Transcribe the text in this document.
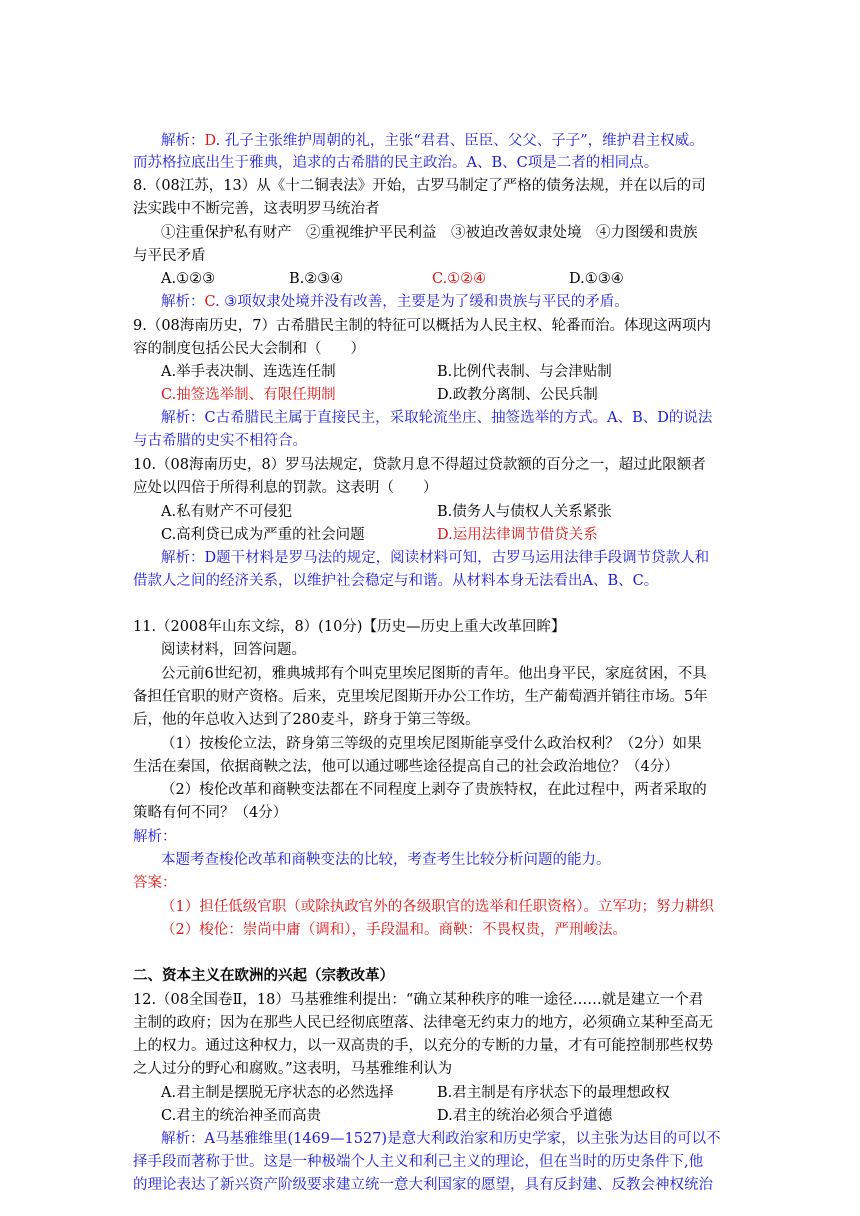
解析：D. 孔子主张维护周朝的礼，主张“君君、臣臣、父父、子子”，维护君主权威。
而苏格拉底出生于雅典，追求的古希腊的民主政治。A、B、C项是二者的相同点。
8.（08江苏，13）从《十二铜表法》开始，古罗马制定了严格的债务法规，并在以后的司
法实践中不断完善，这表明罗马统治者
①注重保护私有财产　②重视维护平民利益　③被迫改善奴隶处境　④力图缓和贵族
与平民矛盾
A.①②③	B.②③④	C.①②④	D.①③④
解析：C. ③项奴隶处境并没有改善，主要是为了缓和贵族与平民的矛盾。
9.（08海南历史，7）古希腊民主制的特征可以概括为人民主权、轮番而治。体现这两项内
容的制度包括公民大会制和（　　）
A.举手表决制、连选连任制	B.比例代表制、与会津贴制
C.抽签选举制、有限任期制	D.政教分离制、公民兵制
解析：C古希腊民主属于直接民主，采取轮流坐庄、抽签选举的方式。A、B、D的说法
与古希腊的史实不相符合。
10.（08海南历史，8）罗马法规定，贷款月息不得超过贷款额的百分之一，超过此限额者
应处以四倍于所得利息的罚款。这表明（　　）
A.私有财产不可侵犯	B.债务人与债权人关系紧张
C.高利贷已成为严重的社会问题	D.运用法律调节借贷关系
解析：D题干材料是罗马法的规定，阅读材料可知，古罗马运用法律手段调节贷款人和
借款人之间的经济关系，以维护社会稳定与和谐。从材料本身无法看出A、B、C。
11.（2008年山东文综，8）(10分)【历史—历史上重大改革回眸】
阅读材料，回答问题。
公元前6世纪初，雅典城邦有个叫克里埃尼图斯的青年。他出身平民，家庭贫困，不具
备担任官职的财产资格。后来，克里埃尼图斯开办公工作坊，生产葡萄酒并销往市场。5年
后，他的年总收入达到了280麦斗，跻身于第三等级。
（1）按梭伦立法，跻身第三等级的克里埃尼图斯能享受什么政治权利？（2分）如果
生活在秦国，依据商鞅之法，他可以通过哪些途径提高自己的社会政治地位？（4分）
（2）梭伦改革和商鞅变法都在不同程度上剥夺了贵族特权，在此过程中，两者采取的
策略有何不同？（4分）
解析：
本题考查梭伦改革和商鞅变法的比较，考查考生比较分析问题的能力。
答案：
（1）担任低级官职（或除执政官外的各级职官的选举和任职资格）。立军功；努力耕织
（2）梭伦：崇尚中庸（调和），手段温和。商鞅：不畏权贵，严刑峻法。
二、资本主义在欧洲的兴起（宗教改革）
12.（08全国卷Ⅱ，18）马基雅维利提出：“确立某种秩序的唯一途径……就是建立一个君
主制的政府；因为在那些人民已经彻底堕落、法律毫无约束力的地方，必须确立某种至高无
上的权力。通过这种权力，以一双高贵的手，以充分的专断的力量，才有可能控制那些权势
之人过分的野心和腐败。”这表明，马基雅维利认为
A.君主制是摆脱无序状态的必然选择	B.君主制是有序状态下的最理想政权
C.君主的统治神圣而高贵	D.君主的统治必须合乎道德
解析：A马基雅维里(1469—1527)是意大利政治家和历史学家，以主张为达目的可以不
择手段而著称于世。这是一种极端个人主义和利己主义的理论，但在当时的历史条件下,他
的理论表达了新兴资产阶级要求建立统一意大利国家的愿望，具有反封建、反教会神权统治
